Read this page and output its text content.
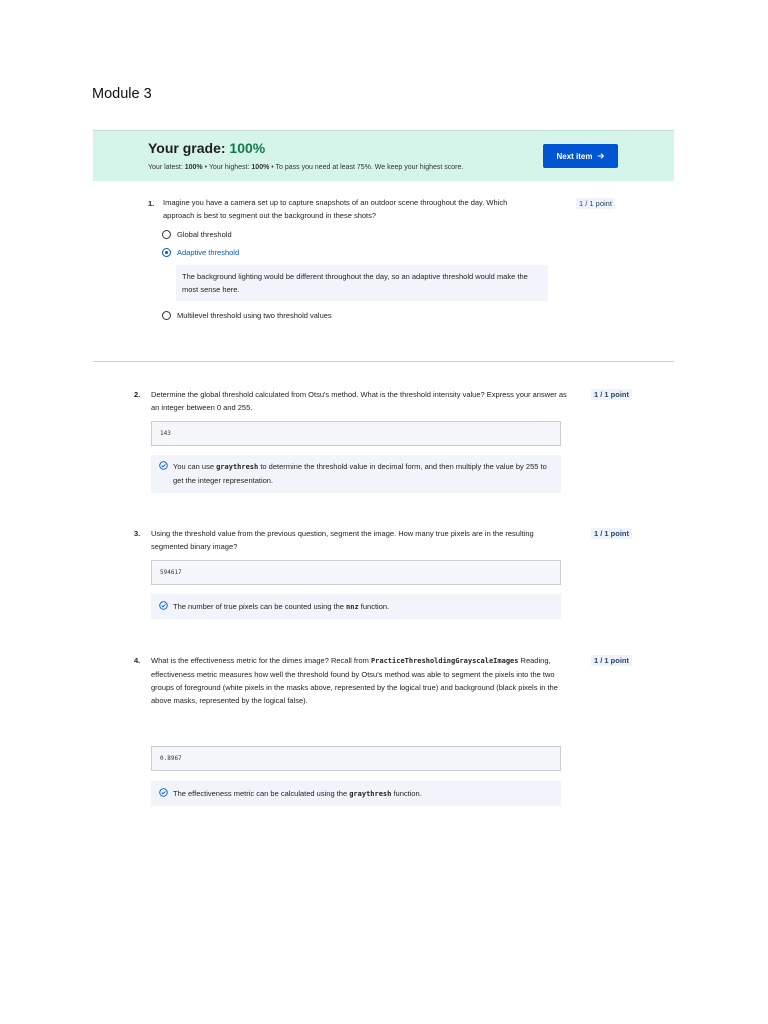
Module 3
Your grade: 100%
Your latest: 100% • Your highest: 100% • To pass you need at least 75%. We keep your highest score.
Next item
1. Imagine you have a camera set up to capture snapshots of an outdoor scene throughout the day. Which approach is best to segment out the background in these shots?
1 / 1 point
Global threshold
Adaptive threshold
The background lighting would be different throughout the day, so an adaptive threshold would make the most sense here.
Multilevel threshold using two threshold values
2. Determine the global threshold calculated from Otsu's method. What is the threshold intensity value? Express your answer as an integer between 0 and 255.
1 / 1 point
143
You can use graythresh to determine the threshold value in decimal form, and then multiply the value by 255 to get the integer representation.
3. Using the threshold value from the previous question, segment the image. How many true pixels are in the resulting segmented binary image?
1 / 1 point
594617
The number of true pixels can be counted using the nnz function.
4. What is the effectiveness metric for the dimes image? Recall from PracticeThresholdingGrayscaleImages Reading, effectiveness metric measures how well the threshold found by Otsu's method was able to segment the pixels into the two groups of foreground (white pixels in the masks above, represented by the logical true) and background (black pixels in the above masks, represented by the logical false).
1 / 1 point
0.8967
The effectiveness metric can be calculated using the graythresh function.
